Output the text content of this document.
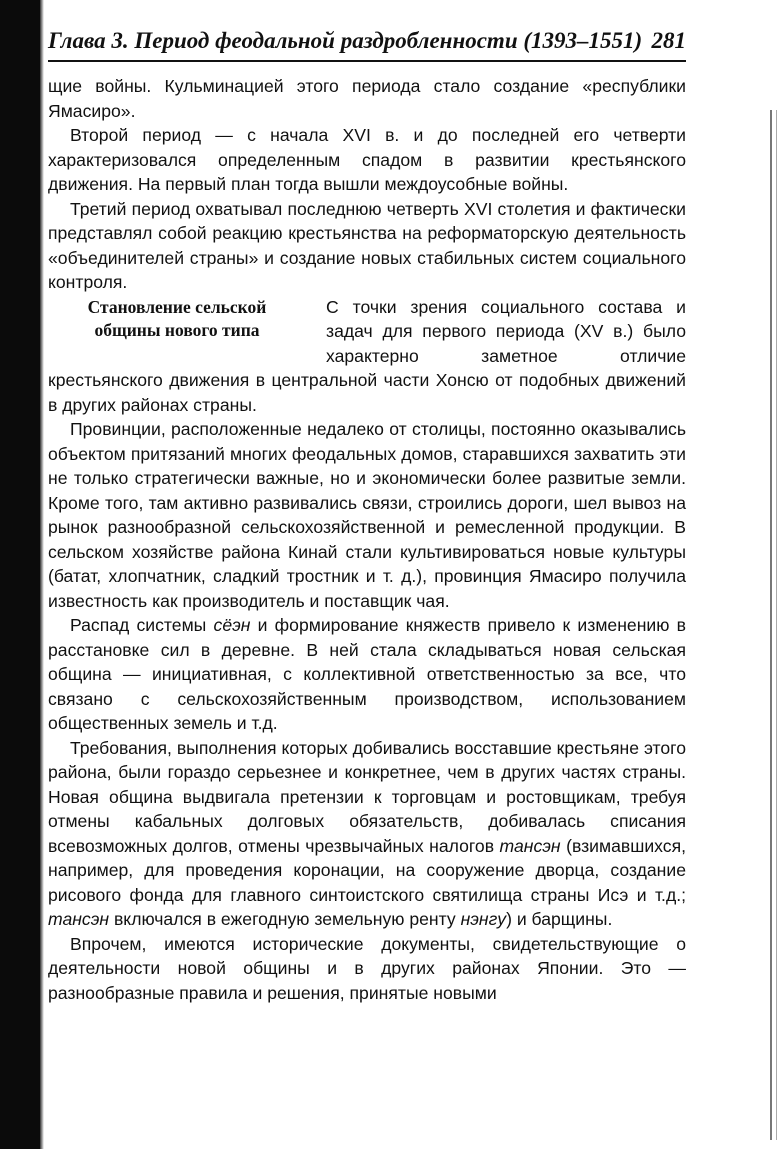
Глава 3. Период феодальной раздробленности (1393–1551) 281

щие войны. Кульминацией этого периода стало создание «республики Ямасиро».

Второй период — с начала XVI в. и до последней его четверти характеризовался определенным спадом в развитии крестьянского движения. На первый план тогда вышли междоусобные войны.

Третий период охватывал последнюю четверть XVI столетия и фактически представлял собой реакцию крестьянства на реформаторскую деятельность «объединителей страны» и создание новых стабильных систем социального контроля.

Становление сельской
общины нового типа

С точки зрения социального состава и задач для первого периода (XV в.) было характерно заметное отличие крестьянского движения в центральной части Хонсю от подобных движений в других районах страны.

Провинции, расположенные недалеко от столицы, постоянно оказывались объектом притязаний многих феодальных домов, старавшихся захватить эти не только стратегически важные, но и экономически более развитые земли. Кроме того, там активно развивались связи, строились дороги, шел вывоз на рынок разнообразной сельскохозяйственной и ремесленной продукции. В сельском хозяйстве района Кинай стали культивироваться новые культуры (батат, хлопчатник, сладкий тростник и т. д.), провинция Ямасиро получила известность как производитель и поставщик чая.

Распад системы сёэн и формирование княжеств привело к изменению в расстановке сил в деревне. В ней стала складываться новая сельская община — инициативная, с коллективной ответственностью за все, что связано с сельскохозяйственным производством, использованием общественных земель и т.д.

Требования, выполнения которых добивались восставшие крестьяне этого района, были гораздо серьезнее и конкретнее, чем в других частях страны. Новая община выдвигала претензии к торговцам и ростовщикам, требуя отмены кабальных долговых обязательств, добивалась списания всевозможных долгов, отмены чрезвычайных налогов тансэн (взимавшихся, например, для проведения коронации, на сооружение дворца, создание рисового фонда для главного синтоистского святилища страны Исэ и т.д.; тансэн включался в ежегодную земельную ренту нэнгу) и барщины.

Впрочем, имеются исторические документы, свидетельствующие о деятельности новой общины и в других районах Японии. Это — разнообразные правила и решения, принятые новыми
